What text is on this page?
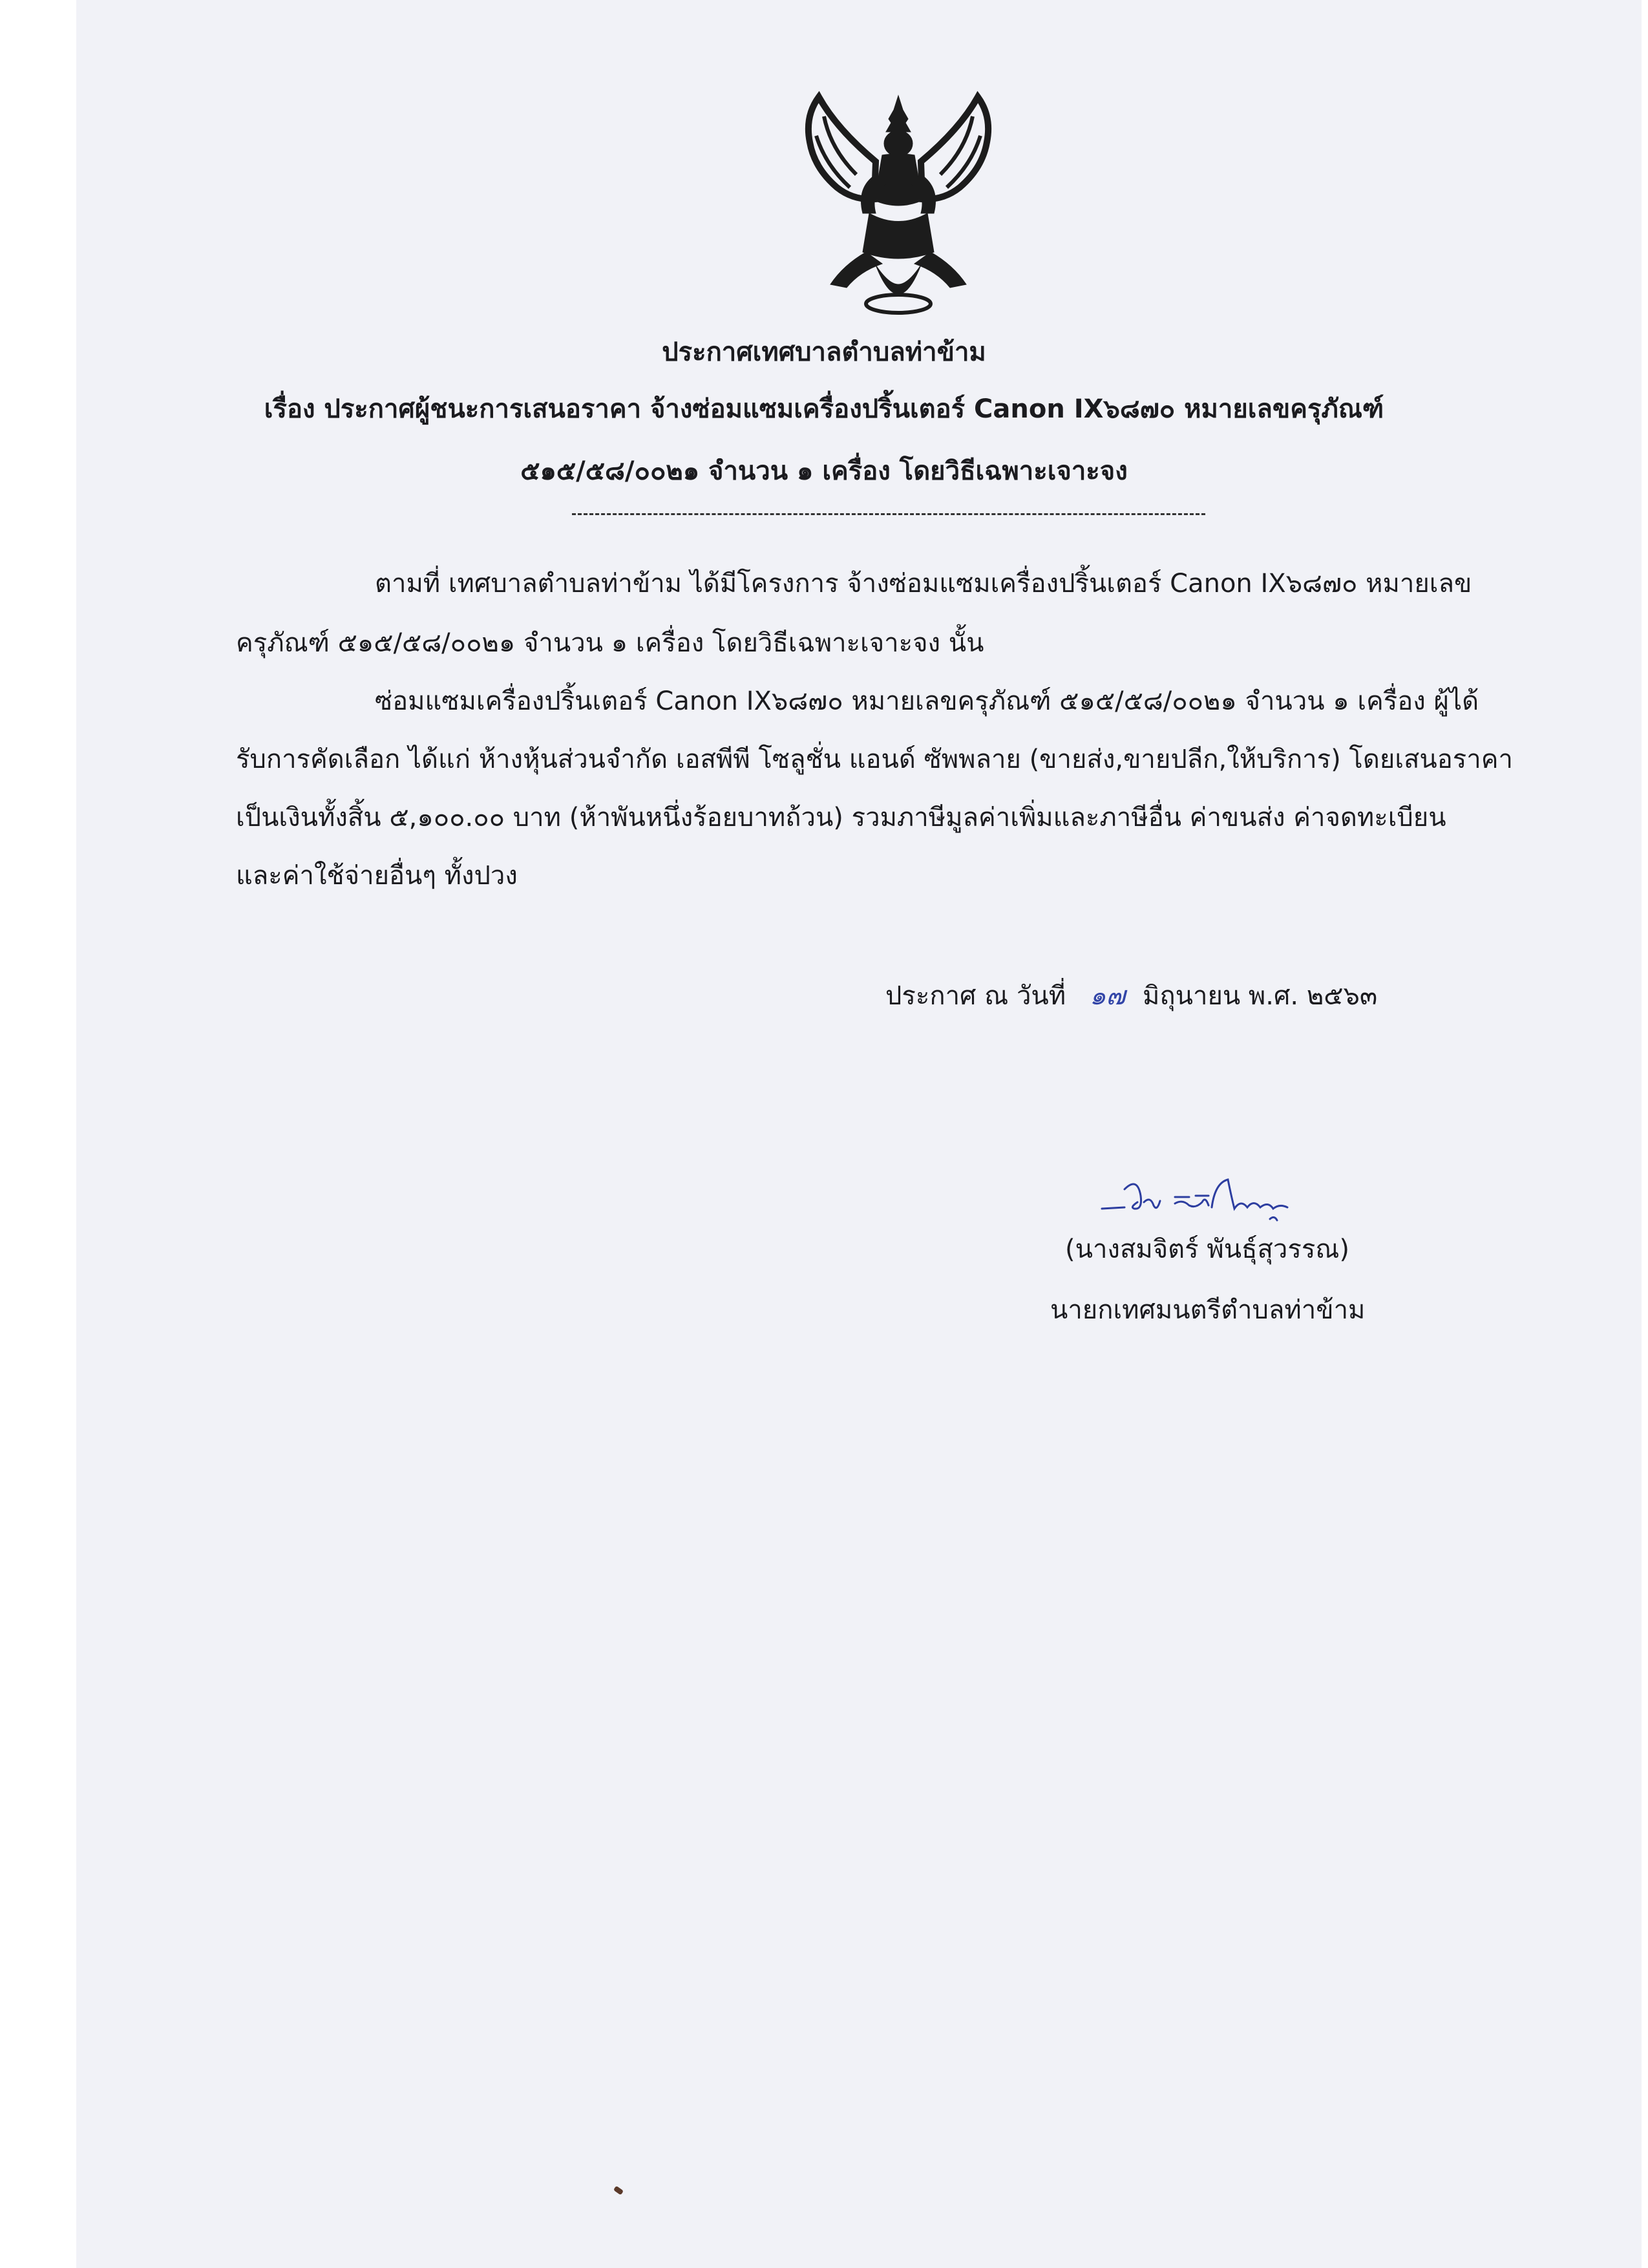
ประกาศเทศบาลตำบลท่าข้าม
เรื่อง ประกาศผู้ชนะการเสนอราคา จ้างซ่อมแซมเครื่องปริ้นเตอร์ Canon IX๖๘๗๐ หมายเลขครุภัณฑ์
๕๑๕/๕๘/๐๐๒๑ จำนวน ๑ เครื่อง โดยวิธีเฉพาะเจาะจง
ตามที่ เทศบาลตำบลท่าข้าม ได้มีโครงการ จ้างซ่อมแซมเครื่องปริ้นเตอร์ Canon IX๖๘๗๐ หมายเลข
ครุภัณฑ์ ๕๑๕/๕๘/๐๐๒๑ จำนวน ๑ เครื่อง โดยวิธีเฉพาะเจาะจง นั้น
ซ่อมแซมเครื่องปริ้นเตอร์ Canon IX๖๘๗๐ หมายเลขครุภัณฑ์ ๕๑๕/๕๘/๐๐๒๑ จำนวน ๑ เครื่อง ผู้ได้
รับการคัดเลือก ได้แก่ ห้างหุ้นส่วนจำกัด เอสพีพี โซลูชั่น แอนด์ ซัพพลาย (ขายส่ง,ขายปลีก,ให้บริการ) โดยเสนอราคา
เป็นเงินทั้งสิ้น ๕,๑๐๐.๐๐ บาท (ห้าพันหนึ่งร้อยบาทถ้วน) รวมภาษีมูลค่าเพิ่มและภาษีอื่น ค่าขนส่ง ค่าจดทะเบียน
และค่าใช้จ่ายอื่นๆ ทั้งปวง
ประกาศ ณ วันที่ ๑๗ มิถุนายน พ.ศ. ๒๕๖๓
(นางสมจิตร์ พันธุ์สุวรรณ)
นายกเทศมนตรีตำบลท่าข้าม
